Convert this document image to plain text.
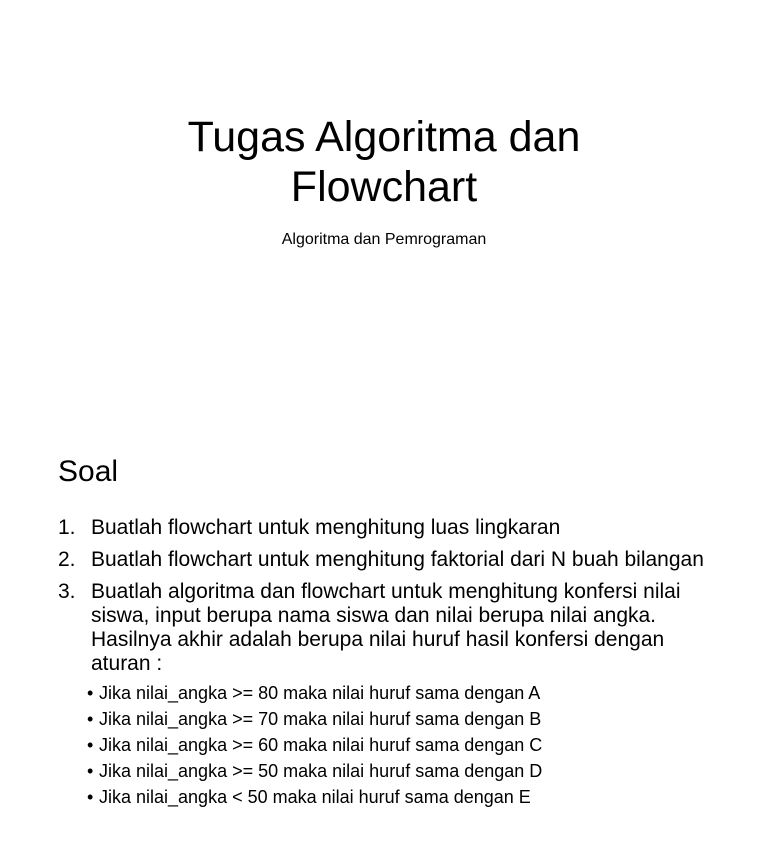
Tugas Algoritma dan
Flowchart
Algoritma dan Pemrograman
Soal
1. Buatlah flowchart untuk menghitung luas lingkaran
2. Buatlah flowchart untuk menghitung faktorial dari N buah bilangan
3. Buatlah algoritma dan flowchart untuk menghitung konfersi nilai siswa, input berupa nama siswa dan nilai berupa nilai angka. Hasilnya akhir adalah berupa nilai huruf hasil konfersi dengan aturan :
• Jika nilai_angka >= 80 maka nilai huruf sama dengan A
• Jika nilai_angka >= 70 maka nilai huruf sama dengan B
• Jika nilai_angka >= 60 maka nilai huruf sama dengan C
• Jika nilai_angka >= 50 maka nilai huruf sama dengan D
• Jika nilai_angka < 50 maka nilai huruf sama dengan E
